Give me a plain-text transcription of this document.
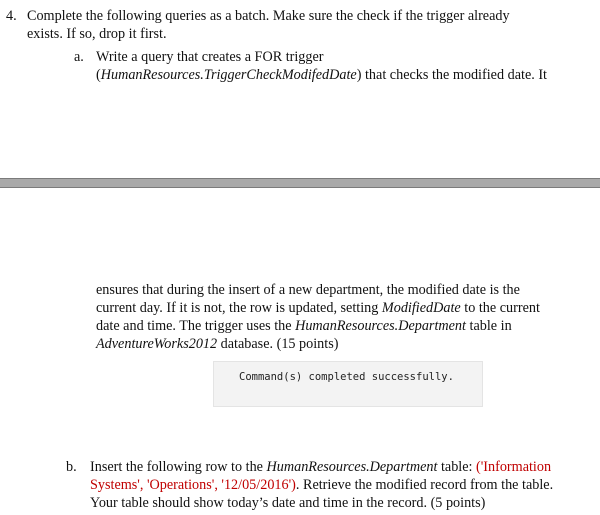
4. Complete the following queries as a batch. Make sure the check if the trigger already
exists. If so, drop it first.
a. Write a query that creates a FOR trigger
(HumanResources.TriggerCheckModifedDate) that checks the modified date. It
ensures that during the insert of a new department, the modified date is the
current day. If it is not, the row is updated, setting ModifiedDate to the current
date and time. The trigger uses the HumanResources.Department table in
AdventureWorks2012 database. (15 points)
Command(s) completed successfully.
b. Insert the following row to the HumanResources.Department table: ('Information
Systems', 'Operations', '12/05/2016'). Retrieve the modified record from the table.
Your table should show today’s date and time in the record. (5 points)
